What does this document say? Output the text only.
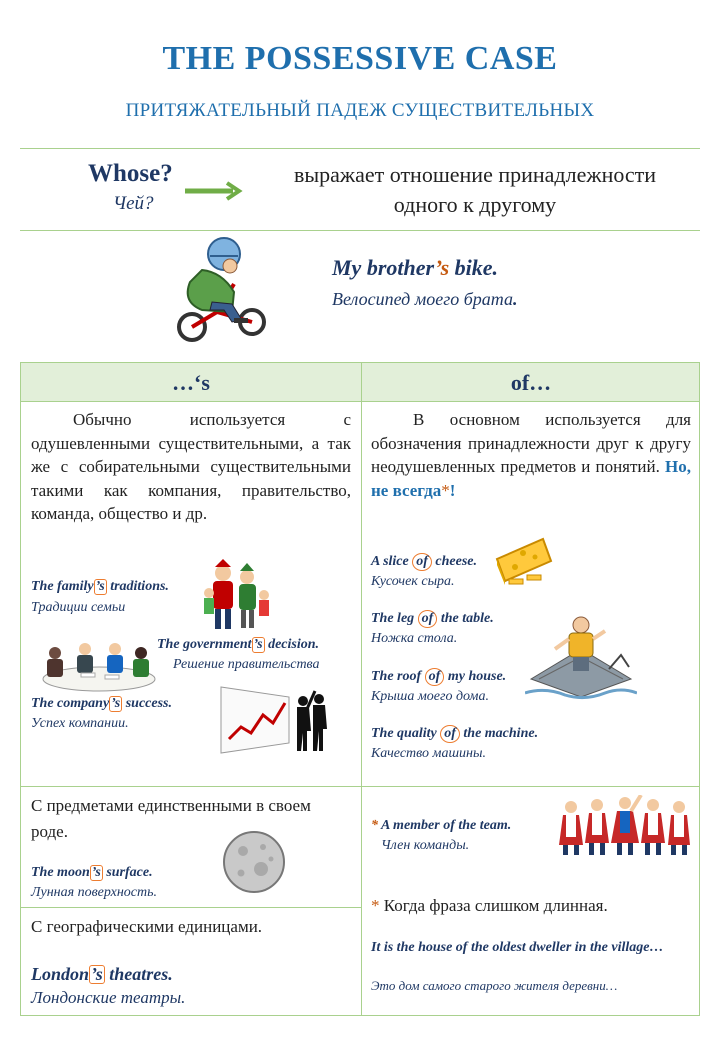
THE POSSESSIVE CASE
ПРИТЯЖАТЕЛЬНЫЙ ПАДЕЖ СУЩЕСТВИТЕЛЬНЫХ
Whose?
Чей?
выражает отношение принадлежности
одного к другому
My brother’s bike.
Велосипед моего брата.
…‘s	of…
Обычно используется с одушевленными существительными, а так же с собирательными существительными такими как компания, правительство, команда, общество и др.
В основном используется для обозначения принадлежности друг к другу неодушевленных предметов и понятий. Но, не всегда*!
The family ’s traditions.
Традиции семьи
The government ’s decision.
Решение правительства
The company ’s success.
Успех компании.
A slice of cheese.
Кусочек сыра.
The leg of the table.
Ножка стола.
The roof of my house.
Крыша моего дома.
The quality of the machine.
Качество машины.
С предметами единственными в своем роде.
The moon ’s surface.
Лунная поверхность.
С географическими единицами.
London ’s theatres.
Лондонские театры.
* A member of the team.
Член команды.
* Когда фраза слишком длинная.
It is the house of the oldest dweller in the village…
Это дом самого старого жителя деревни…
